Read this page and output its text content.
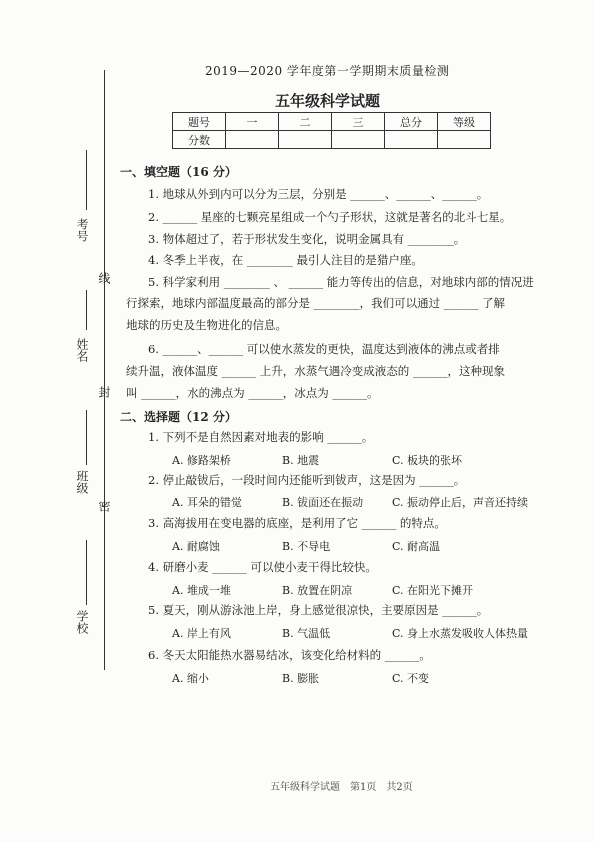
考号
线
姓名
封
班级
密
学校
2019—2020 学年度第一学期期末质量检测
五年级科学试题
题号	一	二	三	总分	等级
分数					
一、填空题（16 分）
1. 地球从外到内可以分为三层，分别是 ______、______、______。
2. ______ 星座的七颗亮星组成一个勺子形状，这就是著名的北斗七星。
3. 物体超过了，若于形状发生变化，说明金属具有 ________。
4. 冬季上半夜，在 ________ 最引人注目的是猎户座。
5. 科学家利用 ________ 、 ______ 能力等传出的信息，对地球内部的情况进
行探索，地球内部温度最高的部分是 ________，我们可以通过 ______ 了解
地球的历史及生物进化的信息。
6. ______、______ 可以使水蒸发的更快，温度达到液体的沸点或者排
续升温，液体温度 ______ 上升，水蒸气遇冷变成液态的 ______，这种现象
叫 ______，水的沸点为 ______，冰点为 ______。
二、选择题（12 分）
1. 下列不是自然因素对地表的影响 ______。
A. 修路架桥	B. 地震	C. 板块的张坏
2. 停止敲钹后，一段时间内还能听到钹声，这是因为 ______。
A. 耳朵的错觉	B. 钹面还在振动	C. 振动停止后，声音还持续
3. 高海拔用在变电器的底座，是利用了它 ______ 的特点。
A. 耐腐蚀	B. 不导电	C. 耐高温
4. 研磨小麦 ______ 可以使小麦干得比较快。
A. 堆成一堆	B. 放置在阴凉	C. 在阳光下摊开
5. 夏天，刚从游泳池上岸，身上感觉很凉快，主要原因是 ______。
A. 岸上有风	B. 气温低	C. 身上水蒸发吸收人体热量
6. 冬天太阳能热水器易结冰，该变化给材料的 ______。
A. 缩小	B. 膨胀	C. 不变
五年级科学试题　第1页　共2页
